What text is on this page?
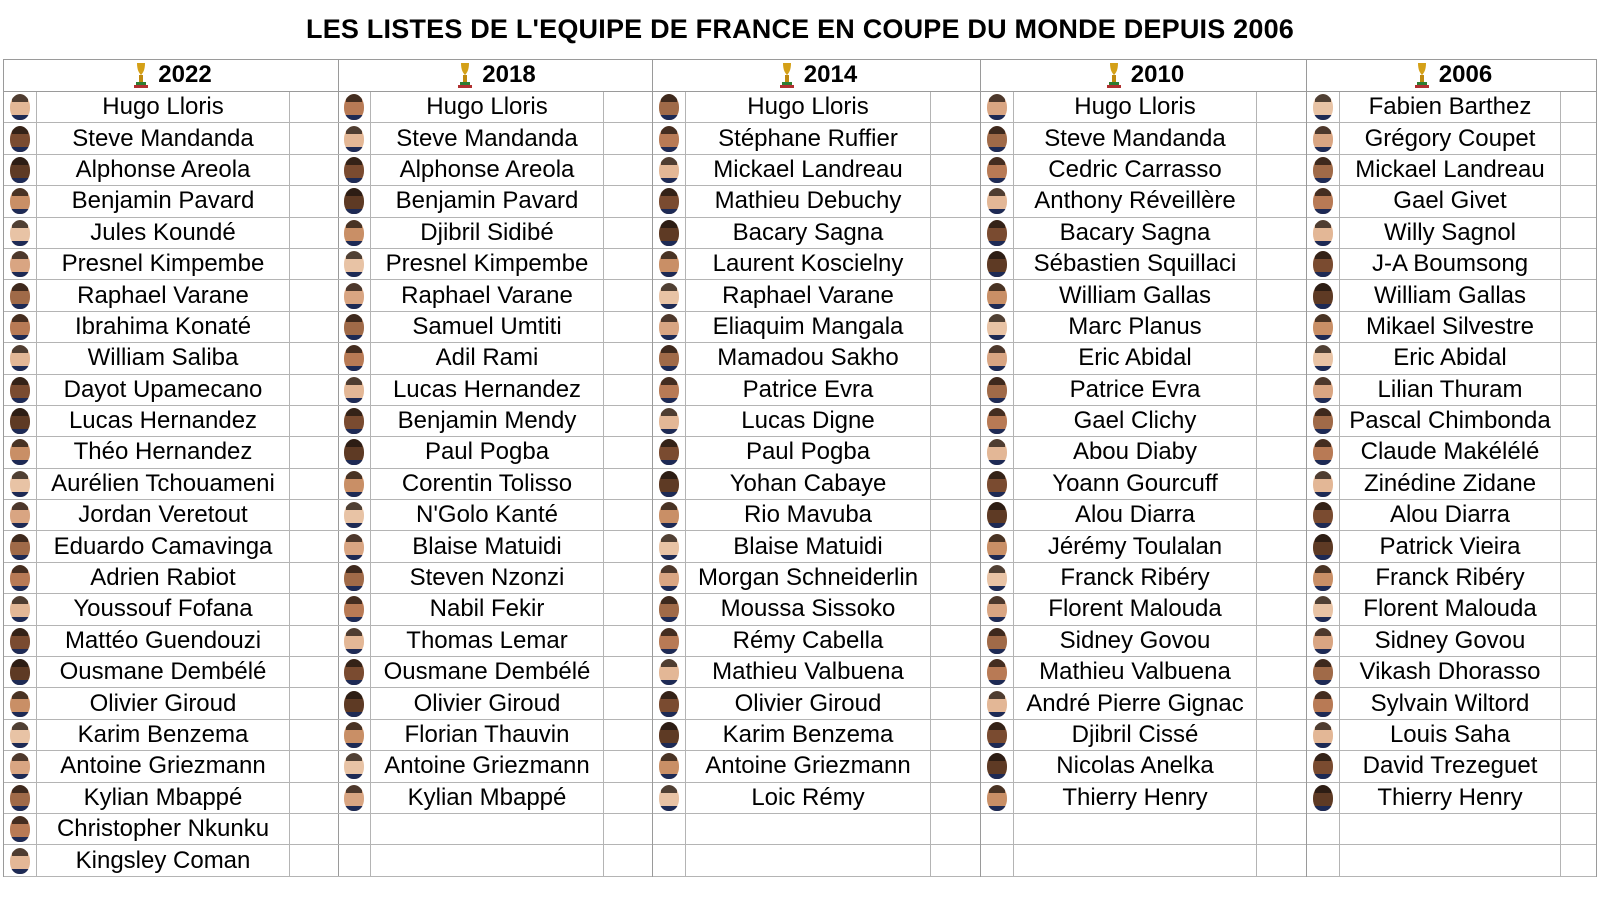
LES LISTES DE L'EQUIPE DE FRANCE EN COUPE DU MONDE DEPUIS 2006
2022
Hugo Lloris
Steve Mandanda
Alphonse Areola
Benjamin Pavard
Jules Koundé
Presnel Kimpembe
Raphael Varane
Ibrahima Konaté
William Saliba
Dayot Upamecano
Lucas Hernandez
Théo Hernandez
Aurélien Tchouameni
Jordan Veretout
Eduardo Camavinga
Adrien Rabiot
Youssouf Fofana
Mattéo Guendouzi
Ousmane Dembélé
Olivier Giroud
Karim Benzema
Antoine Griezmann
Kylian Mbappé
Christopher Nkunku
Kingsley Coman
2018
Hugo Lloris
Steve Mandanda
Alphonse Areola
Benjamin Pavard
Djibril Sidibé
Presnel Kimpembe
Raphael Varane
Samuel Umtiti
Adil Rami
Lucas Hernandez
Benjamin Mendy
Paul Pogba
Corentin Tolisso
N'Golo Kanté
Blaise Matuidi
Steven Nzonzi
Nabil Fekir
Thomas Lemar
Ousmane Dembélé
Olivier Giroud
Florian Thauvin
Antoine Griezmann
Kylian Mbappé
2014
Hugo Lloris
Stéphane Ruffier
Mickael Landreau
Mathieu Debuchy
Bacary Sagna
Laurent Koscielny
Raphael Varane
Eliaquim Mangala
Mamadou Sakho
Patrice Evra
Lucas Digne
Paul Pogba
Yohan Cabaye
Rio Mavuba
Blaise Matuidi
Morgan Schneiderlin
Moussa Sissoko
Rémy Cabella
Mathieu Valbuena
Olivier Giroud
Karim Benzema
Antoine Griezmann
Loic Rémy
2010
Hugo Lloris
Steve Mandanda
Cedric Carrasso
Anthony Réveillère
Bacary Sagna
Sébastien Squillaci
William Gallas
Marc Planus
Eric Abidal
Patrice Evra
Gael Clichy
Abou Diaby
Yoann Gourcuff
Alou Diarra
Jérémy Toulalan
Franck Ribéry
Florent Malouda
Sidney Govou
Mathieu Valbuena
André Pierre Gignac
Djibril Cissé
Nicolas Anelka
Thierry Henry
2006
Fabien Barthez
Grégory Coupet
Mickael Landreau
Gael Givet
Willy Sagnol
J-A Boumsong
William Gallas
Mikael Silvestre
Eric Abidal
Lilian Thuram
Pascal Chimbonda
Claude Makélélé
Zinédine Zidane
Alou Diarra
Patrick Vieira
Franck Ribéry
Florent Malouda
Sidney Govou
Vikash Dhorasso
Sylvain Wiltord
Louis Saha
David Trezeguet
Thierry Henry
